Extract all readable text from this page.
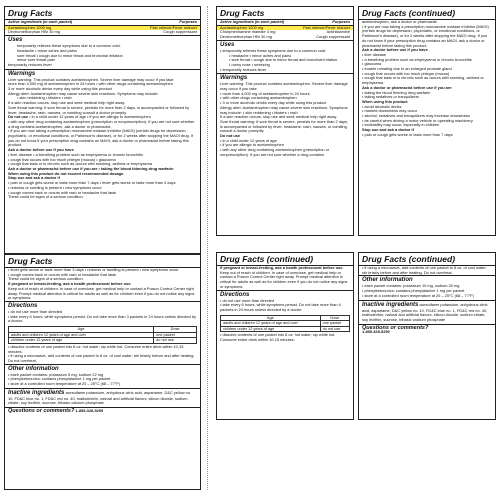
Drug Facts
Active ingredients (in each packet)	Purposes
Acetaminophen 1000 mg	Pain reliever/Fever reducer
Dextromethorphan HBr 30 mg	Cough suppressant
Uses
temporarily relieves these symptoms due to a common cold:
headache • minor aches and pains
sore throat • cough due to minor throat and bronchial irritation
minor sore throat pain
temporarily reduces fever
Warnings
Liver warning: This product contains acetaminophen. Severe liver damage may occur if you take
more than 4,000 mg of acetaminophen in 24 hours • with other drugs containing acetaminophen
3 or more alcoholic drinks every day while using this product
Allergy alert: Acetaminophen may cause severe skin reactions. Symptoms may include:
• skin reddening • blisters • rash
If a skin reaction occurs, stop use and seek medical help right away.
Sore throat warning: If sore throat is severe, persists for more than 2 days, is accompanied or followed by fever, headache, rash, nausea, or vomiting consult a doctor promptly.
Do not use • in a child under 12 years of age • if you are allergic to acetaminophen
• with any other drug containing acetaminophen (prescription or nonprescription). If you are not sure whether a drug contains acetaminophen, ask a doctor or pharmacist.
• if you are now taking a prescription monoamine oxidase inhibitor (MAOI) (certain drugs for depression, psychiatric, or emotional conditions, or Parkinson's disease), or for 2 weeks after stopping the MAOI drug. If you do not know if your prescription drug contains an MAOI, ask a doctor or pharmacist before taking this product.
Ask a doctor before use if you have
• liver disease • a breathing problem such as emphysema or chronic bronchitis
• cough that occurs with too much phlegm (mucus) • glaucoma
• cough that lasts or is chronic such as occurs with smoking, asthma or emphysema
Ask a doctor or pharmacist before use if you are • taking the blood thinning drug warfarin
When using this product do not exceed recommended dosage.
Stop use and ask a doctor if
• pain or cough gets worse or lasts more than 7 days • fever gets worse or lasts more than 3 days
• redness or swelling is present • new symptoms occur
• cough comes back or occurs with rash or headache that lasts
These could be signs of a serious condition.
Drug Facts
• fever gets worse or lasts more than 3 days • redness or swelling is present • new symptoms occur
• cough comes back or occurs with rash or headache that lasts
These could be signs of a serious condition.
If pregnant or breast-feeding, ask a health professional before use.
Keep out of reach of children. In case of overdose, get medical help or contact a Poison Control Center right away. Prompt medical attention is critical for adults as well as for children even if you do not notice any signs or symptoms.
Directions
• do not use more than directed
• take every 6 hours, while symptoms persist. Do not take more than 3 packets in 24 hours unless directed by a doctor.
Age	Dose
adults and children 12 years of age and over	one packet
children under 12 years of age	do not use
• dissolve contents of one packet into 8 oz. hot water; sip while hot. Consume entire drink within 10-15 minutes.
• if using a microwave, add contents of one packet to 8 oz. of cool water; stir briskly before and after heating. Do not overheat.
Other information
• each packet contains: potassium 5 mg, sodium 22 mg
• phenylketonurics: contains phenylalanine 1 mg per packet
• store at a controlled room temperature at 20 – 25°C (68 – 77°F)
Inactive ingredients acesulfame potassium, anhydrous citric acid, aspartame, D&C yellow no. 10, FD&C blue no. 1, FD&C red no. 40, maltodextrin, natural and artificial flavors, silicon dioxide, sodium citrate, soy lecithin, sucrose, tribasic calcium phosphate
Questions or comments? 1-855-328-5259
Drug Facts
Active ingredients (in each packet)	Purposes
Acetaminophen 1000 mg	Pain reliever/Fever reducer
Chlorpheniramine maleate 4 mg	Antihistamine
Dextromethorphan HBr 30 mg	Cough suppressant
Uses
• temporarily relieves these symptoms due to a common cold:
• headache • minor aches and pains
• sore throat • cough due to minor throat and bronchial irritation
• runny nose • sneezing
• temporarily reduces fever
Warnings
Liver warning: This product contains acetaminophen. Severe liver damage may occur if you take
• more than 4,000 mg of acetaminophen in 24 hours
• with other drugs containing acetaminophen
• 3 or more alcoholic drinks every day while using this product
Allergy alert: Acetaminophen may cause severe skin reactions. Symptoms may include: • skin reddening • blisters • rash
If a skin reaction occurs, stop use and seek medical help right away.
Sore throat warning: If sore throat is severe, persists for more than 2 days, is accompanied or followed by fever, headache, rash, nausea, or vomiting consult a doctor promptly.
Do not use
• in a child under 12 years of age
• if you are allergic to acetaminophen
• with any other drug containing acetaminophen (prescription or nonprescription). If you are not sure whether a drug contains
Drug Facts (continued)
If pregnant or breast-feeding, ask a health professional before use.
Keep out of reach of children. In case of overdose, get medical help or contact a Poison Control Center right away. Prompt medical attention is critical for adults as well as for children even if you do not notice any signs or symptoms.
Directions
• do not use more than directed
• take every 6 hours, while symptoms persist. Do not take more than 4 packets in 24 hours unless directed by a doctor.
Age	Dose
adults and children 12 years of age and over	one packet
children under 12 years of age	do not use
• dissolve contents of one packet into 8 oz. hot water; sip while hot. Consume entire drink within 10-15 minutes.
Drug Facts (continued)
acetaminophen, ask a doctor or pharmacist.
• if you are now taking a prescription monoamine oxidase inhibitor (MAOI) (certain drugs for depression, psychiatric, or emotional conditions, or Parkinson's disease), or for 2 weeks after stopping the MAOI drug. If you do not know if your prescription drug contains an MAOI, ask a doctor or pharmacist before taking this product.
Ask a doctor before use if you have
• liver disease
• a breathing problem such as emphysema or chronic bronchitis
• glaucoma
• trouble urinating due to an enlarged prostate gland
• cough that occurs with too much phlegm (mucus)
• cough that lasts or is chronic such as occurs with smoking, asthma or emphysema
Ask a doctor or pharmacist before use if you are
• taking the blood thinning drug warfarin
• taking sedatives or tranquilizers
When using this product
• avoid alcoholic drinks
• marked drowsiness may occur
• alcohol, sedatives and tranquilizers may increase drowsiness
• be careful when driving a motor vehicle or operating machinery
• excitability may occur, especially in children
Stop use and ask a doctor if
• pain or cough gets worse or lasts more than 7 days
Drug Facts (continued)
• if using a microwave, add contents of one packet to 8 oz. of cool water; stir briskly before and after heating. Do not overheat.
Other information
• each packet contains: potassium 10 mg, sodium 20 mg
• phenylketonurics: contains phenylalanine 1 mg per packet
• store at a controlled room temperature at 20 – 25°C (68 – 77°F)
Inactive ingredients acesulfame potassium, anhydrous citric acid, aspartame, D&C yellow no. 10, FD&C blue no. 1, FD&C red no. 40, maltodextrin, natural and artificial flavors, silicon dioxide, sodium citrate, soy lecithin, sucrose, tribasic calcium phosphate
Questions or comments?
1-855-328-5259
